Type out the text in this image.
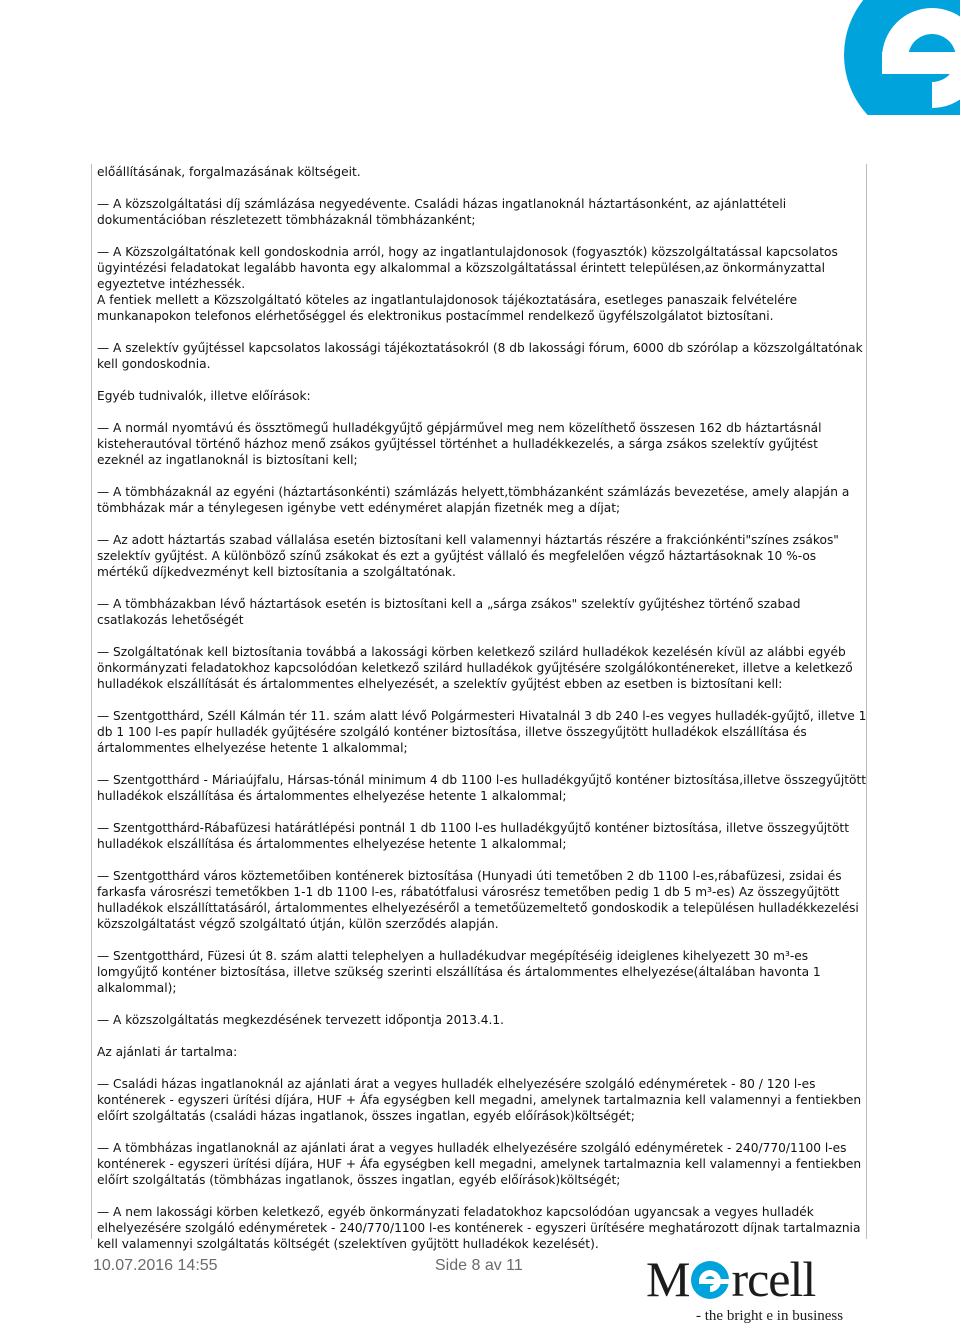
előállításának, forgalmazásának költségeit.

— A közszolgáltatási díj számlázása negyedévente. Családi házas ingatlanoknál háztartásonként, az ajánlattételi dokumentációban részletezett tömbházaknál tömbházanként;

— A Közszolgáltatónak kell gondoskodnia arról, hogy az ingatlantulajdonosok (fogyasztók) közszolgáltatással kapcsolatos ügyintézési feladatokat legalább havonta egy alkalommal a közszolgáltatással érintett településen,az önkormányzattal egyeztetve intézhessék.

A fentiek mellett a Közszolgáltató köteles az ingatlantulajdonosok tájékoztatására, esetleges panaszaik felvételére munkanapokon telefonos elérhetőséggel és elektronikus postacímmel rendelkező ügyfélszolgálatot biztosítani.

— A szelektív gyűjtéssel kapcsolatos lakossági tájékoztatásokról (8 db lakossági fórum, 6000 db szórólap a közszolgáltatónak kell gondoskodnia.

Egyéb tudnivalók, illetve előírások:

— A normál nyomtávú és össztömegű hulladékgyűjtő gépjárművel meg nem közelíthető összesen 162 db háztartásnál kisteherautóval történő házhoz menő zsákos gyűjtéssel történhet a hulladékkezelés, a sárga zsákos szelektív gyűjtést ezeknél az ingatlanoknál is biztosítani kell;

— A tömbházaknál az egyéni (háztartásonkénti) számlázás helyett,tömbházanként számlázás bevezetése, amely alapján a tömbházak már a ténylegesen igénybe vett edényméret alapján fizetnék meg a díjat;

— Az adott háztartás szabad vállalása esetén biztosítani kell valamennyi háztartás részére a frakciónkénti"színes zsákos" szelektív gyűjtést. A különböző színű zsákokat és ezt a gyűjtést vállaló és megfelelően végző háztartásoknak 10 %-os mértékű díjkedvezményt kell biztosítania a szolgáltatónak.

— A tömbházakban lévő háztartások esetén is biztosítani kell a „sárga zsákos" szelektív gyűjtéshez történő szabad csatlakozás lehetőségét

— Szolgáltatónak kell biztosítania továbbá a lakossági körben keletkező szilárd hulladékok kezelésén kívül az alábbi egyéb önkormányzati feladatokhoz kapcsolódóan keletkező szilárd hulladékok gyűjtésére szolgálókonténereket, illetve a keletkező hulladékok elszállítását és ártalommentes elhelyezését, a szelektív gyűjtést ebben az esetben is biztosítani kell:

— Szentgotthárd, Széll Kálmán tér 11. szám alatt lévő Polgármesteri Hivatalnál 3 db 240 l-es vegyes hulladék-gyűjtő, illetve 1 db 1 100 l-es papír hulladék gyűjtésére szolgáló konténer biztosítása, illetve összegyűjtött hulladékok elszállítása és ártalommentes elhelyezése hetente 1 alkalommal;

— Szentgotthárd - Máriaújfalu, Hársas-tónál minimum 4 db 1100 l-es hulladékgyűjtő konténer biztosítása,illetve összegyűjtött hulladékok elszállítása és ártalommentes elhelyezése hetente 1 alkalommal;

— Szentgotthárd-Rábafüzesi határátlépési pontnál 1 db 1100 l-es hulladékgyűjtő konténer biztosítása, illetve összegyűjtött hulladékok elszállítása és ártalommentes elhelyezése hetente 1 alkalommal;

— Szentgotthárd város köztemetőiben konténerek biztosítása (Hunyadi úti temetőben 2 db 1100 l-es,rábafüzesi, zsidai és farkasfa városrészi temetőkben 1-1 db 1100 l-es, rábatótfalusi városrész temetőben pedig 1 db 5 m³-es) Az összegyűjtött hulladékok elszállíttatásáról, ártalommentes elhelyezéséről a temetőüzemeltető gondoskodik a településen hulladékkezelési közszolgáltatást végző szolgáltató útján, külön szerződés alapján.

— Szentgotthárd, Füzesi út 8. szám alatti telephelyen a hulladékudvar megépítéséig ideiglenes kihelyezett 30 m³-es lomgyűjtő konténer biztosítása, illetve szükség szerinti elszállítása és ártalommentes elhelyezése(általában havonta 1 alkalommal);

— A közszolgáltatás megkezdésének tervezett időpontja 2013.4.1.

Az ajánlati ár tartalma:

— Családi házas ingatlanoknál az ajánlati árat a vegyes hulladék elhelyezésére szolgáló edényméretek - 80 / 120 l-es konténerek - egyszeri ürítési díjára, HUF + Áfa egységben kell megadni, amelynek tartalmaznia kell valamennyi a fentiekben előírt szolgáltatás (családi házas ingatlanok, összes ingatlan, egyéb előírások)költségét;

— A tömbházas ingatlanoknál az ajánlati árat a vegyes hulladék elhelyezésére szolgáló edényméretek - 240/770/1100 l-es konténerek - egyszeri ürítési díjára, HUF + Áfa egységben kell megadni, amelynek tartalmaznia kell valamennyi a fentiekben előírt szolgáltatás (tömbházas ingatlanok, összes ingatlan, egyéb előírások)költségét;

— A nem lakossági körben keletkező, egyéb önkormányzati feladatokhoz kapcsolódóan ugyancsak a vegyes hulladék elhelyezésére szolgáló edényméretek - 240/770/1100 l-es konténerek - egyszeri ürítésére meghatározott díjnak tartalmaznia kell valamennyi szolgáltatás költségét (szelektíven gyűjtött hulladékok kezelését).

10.07.2016 14:55	Side 8 av 11 M rcell
- the bright e in business
